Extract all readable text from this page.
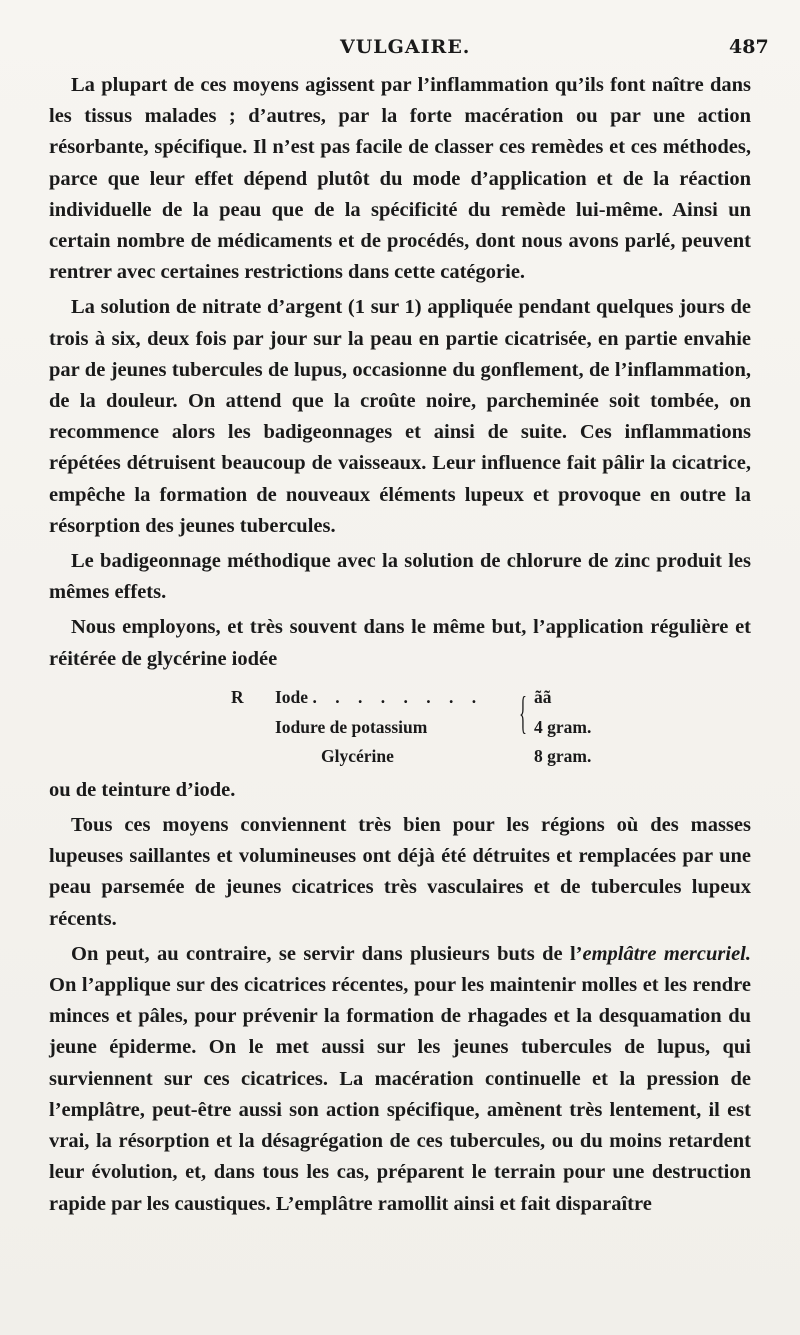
VULGAIRE.	487

La plupart de ces moyens agissent par l’inflammation qu’ils font naître dans les tissus malades ; d’autres, par la forte macération ou par une action résorbante, spécifique. Il n’est pas facile de classer ces remèdes et ces méthodes, parce que leur effet dépend plutôt du mode d’application et de la réaction individuelle de la peau que de la spécificité du remède lui-même. Ainsi un certain nombre de médicaments et de procédés, dont nous avons parlé, peuvent rentrer avec certaines restrictions dans cette catégorie.

La solution de nitrate d’argent (1 sur 1) appliquée pendant quelques jours de trois à six, deux fois par jour sur la peau en partie cicatrisée, en partie envahie par de jeunes tubercules de lupus, occasionne du gonflement, de l’inflammation, de la douleur. On attend que la croûte noire, parcheminée soit tombée, on recommence alors les badigeonnages et ainsi de suite. Ces inflammations répétées détruisent beaucoup de vaisseaux. Leur influence fait pâlir la cicatrice, empêche la formation de nouveaux éléments lupeux et provoque en outre la résorption des jeunes tubercules.

Le badigeonnage méthodique avec la solution de chlorure de zinc produit les mêmes effets.

Nous employons, et très souvent dans le même but, l’application régulière et réitérée de glycérine iodée

R Iode . . . . . . . .
Iodure de potassium
Glycérine
{ ãã
4 gram.
8 gram.

ou de teinture d’iode.

Tous ces moyens conviennent très bien pour les régions où des masses lupeuses saillantes et volumineuses ont déjà été détruites et remplacées par une peau parsemée de jeunes cicatrices très vasculaires et de tubercules lupeux récents.

On peut, au contraire, se servir dans plusieurs buts de l’emplâtre mercuriel. On l’applique sur des cicatrices récentes, pour les maintenir molles et les rendre minces et pâles, pour prévenir la formation de rhagades et la desquamation du jeune épiderme. On le met aussi sur les jeunes tubercules de lupus, qui surviennent sur ces cicatrices. La macération continuelle et la pression de l’emplâtre, peut-être aussi son action spécifique, amènent très lentement, il est vrai, la résorption et la désagrégation de ces tubercules, ou du moins retardent leur évolution, et, dans tous les cas, préparent le terrain pour une destruction rapide par les caustiques. L’emplâtre ramollit ainsi et fait disparaître
